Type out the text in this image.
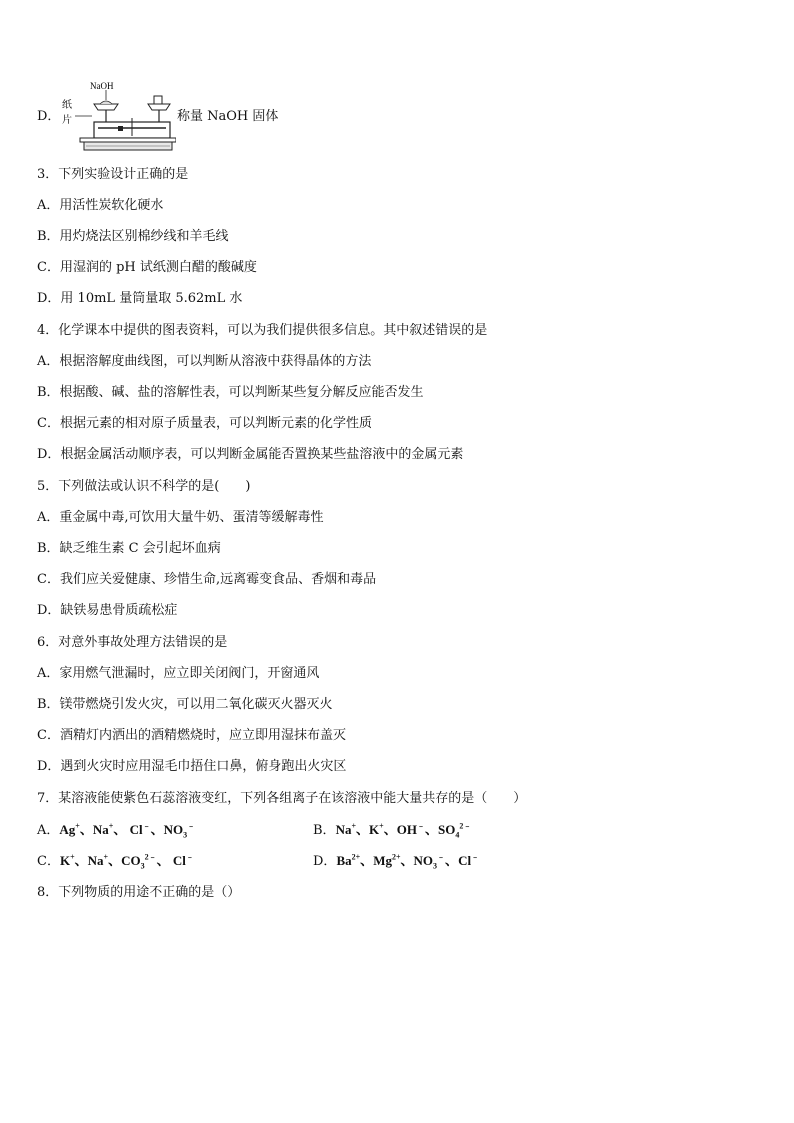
D．
NaOH
纸
片	称量 NaOH 固体
3．下列实验设计正确的是
A．用活性炭软化硬水
B．用灼烧法区别棉纱线和羊毛线
C．用湿润的 pH 试纸测白醋的酸碱度
D．用 10mL 量筒量取 5.62mL 水
4．化学课本中提供的图表资料，可以为我们提供很多信息。其中叙述错误的是
A．根据溶解度曲线图，可以判断从溶液中获得晶体的方法
B．根据酸、碱、盐的溶解性表，可以判断某些复分解反应能否发生
C．根据元素的相对原子质量表，可以判断元素的化学性质
D．根据金属活动顺序表，可以判断金属能否置换某些盐溶液中的金属元素
5．下列做法或认识不科学的是(　　)
A．重金属中毒,可饮用大量牛奶、蛋清等缓解毒性
B．缺乏维生素 C 会引起坏血病
C．我们应关爱健康、珍惜生命,远离霉变食品、香烟和毒品
D．缺铁易患骨质疏松症
6．对意外事故处理方法错误的是
A．家用燃气泄漏时，应立即关闭阀门，开窗通风
B．镁带燃烧引发火灾，可以用二氧化碳灭火器灭火
C．酒精灯内洒出的酒精燃烧时，应立即用湿抹布盖灭
D．遇到火灾时应用湿毛巾捂住口鼻，俯身跑出火灾区
7．某溶液能使紫色石蕊溶液变红，下列各组离子在该溶液中能大量共存的是（　　）
A．Ag+、Na+、 Cl﹣、$NO_3^﹣$	B．Na+、K+、OH﹣、$SO_4^{2﹣}$
C．K+、Na+、$CO_3^{2﹣}$、 Cl﹣	D．$Ba^{2+}$、$Mg^{2+}$、$NO_3^﹣$、Cl﹣
8．下列物质的用途不正确的是（）
